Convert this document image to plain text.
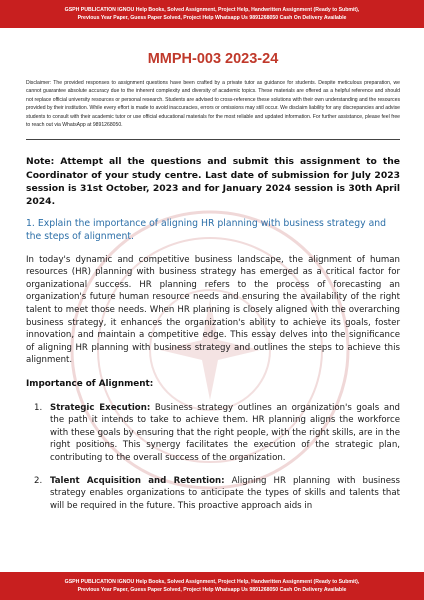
GSPH PUBLICATION IGNOU Help Books, Solved Assignment, Project Help, Handwritten Assignment (Ready to Submit),
Previous Year Paper, Guess Paper Solved, Project Help Whatsapp Us 9891268050 Cash On Delivery Available
MMPH-003 2023-24

Disclaimer: The provided responses to assignment questions have been crafted by a private tutor as guidance for students. Despite meticulous preparation, we cannot guarantee absolute accuracy due to the inherent complexity and diversity of academic topics. These materials are offered as a helpful reference and should not replace official university resources or personal research. Students are advised to cross-reference these solutions with their own understanding and the resources provided by their institution. While every effort is made to avoid inaccuracies, errors or omissions may still occur. We disclaim liability for any discrepancies and advise students to consult with their academic tutor or use official educational materials for the most reliable and updated information. For further assistance, please feel free to reach out via WhatsApp at 9891268050.

Note: Attempt all the questions and submit this assignment to the Coordinator of your study centre. Last date of submission for July 2023 session is 31st October, 2023 and for January 2024 session is 30th April 2024.

1. Explain the importance of aligning HR planning with business strategy and the steps of alignment.

In today's dynamic and competitive business landscape, the alignment of human resources (HR) planning with business strategy has emerged as a critical factor for organizational success. HR planning refers to the process of forecasting an organization's future human resource needs and ensuring the availability of the right talent to meet those needs. When HR planning is closely aligned with the overarching business strategy, it enhances the organization's ability to achieve its goals, foster innovation, and maintain a competitive edge. This essay delves into the significance of aligning HR planning with business strategy and outlines the steps to achieve this alignment.

Importance of Alignment:

1. Strategic Execution: Business strategy outlines an organization's goals and the path it intends to take to achieve them. HR planning aligns the workforce with these goals by ensuring that the right people, with the right skills, are in the right positions. This synergy facilitates the execution of the strategic plan, contributing to the overall success of the organization.
2. Talent Acquisition and Retention: Aligning HR planning with business strategy enables organizations to anticipate the types of skills and talents that will be required in the future. This proactive approach aids in
GSPH PUBLICATION IGNOU Help Books, Solved Assignment, Project Help, Handwritten Assignment (Ready to Submit),
Previous Year Paper, Guess Paper Solved, Project Help Whatsapp Us 9891268050 Cash On Delivery Available
